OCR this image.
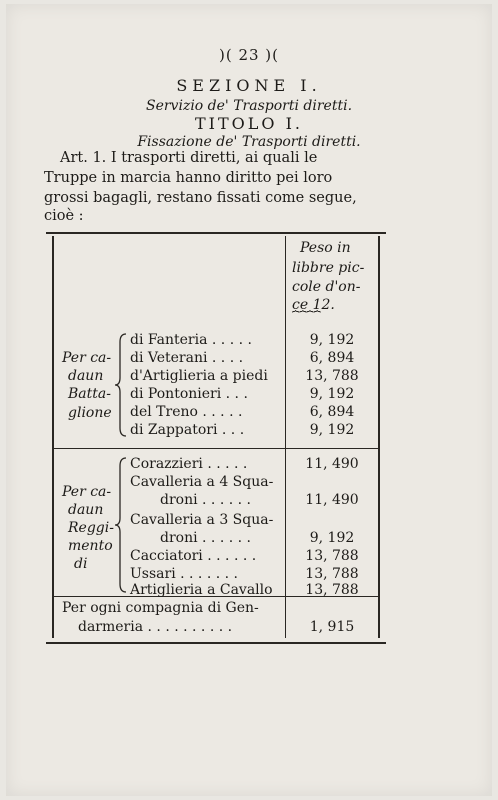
)( 23 )(
SEZIONE I.
Servizio de' Trasporti diretti.
TITOLO I.
Fissazione de' Trasporti diretti.
Art. 1. I trasporti diretti, ai quali le
Truppe in marcia hanno diritto pei loro
grossi bagagli, restano fissati come segue,
cioè :
Peso in
libbre pic-
cole d'on-
ce 12.
⏞⏞⏞⏞
Per ca-
daun
Batta-
glione
di Fanteria . . . . .	9, 192
di Veterani . . . .	6, 894
d'Artiglieria a piedi	13, 788
di Pontonieri . . .	9, 192
del Treno . . . . .	6, 894
di Zappatori . . .	9, 192
Per ca-
daun
Reggi-
mento
di
Corazzieri . . . . .	11, 490
Cavalleria a 4 Squa-
droni . . . . . .	11, 490
Cavalleria a 3 Squa-
droni . . . . . .	9, 192
Cacciatori . . . . . .	13, 788
Ussari . . . . . . .	13, 788
Artiglieria a Cavallo	13, 788
Per ogni compagnia di Gen-
darmeria . . . . . . . . . .	1, 915
